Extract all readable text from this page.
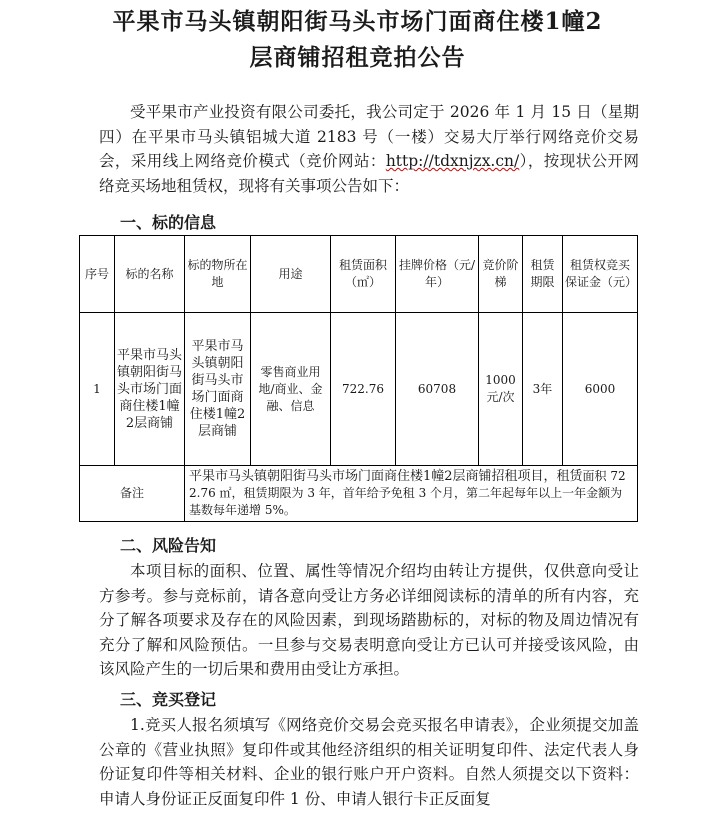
平果市马头镇朝阳街马头市场门面商住楼1幢2
层商铺招租竞拍公告
受平果市产业投资有限公司委托，我公司定于 2026 年 1 月 15 日（星期四）在平果市马头镇铝城大道 2183 号（一楼）交易大厅举行网络竞价交易会，采用线上网络竞价模式（竞价网站：http://tdxnjzx.cn/），按现状公开网络竞买场地租赁权，现将有关事项公告如下：
一、标的信息
序号	标的名称	标的物所在地	用途	租赁面积（㎡）	挂牌价格（元/年）	竞价阶梯	租赁期限	租赁权竞买保证金（元）
1	平果市马头镇朝阳街马头市场门面商住楼1幢2层商铺	平果市马头镇朝阳街马头市场门面商住楼1幢2层商铺	零售商业用地/商业、金融、信息	722.76	60708	1000元/次	3年	6000
备注		平果市马头镇朝阳街马头市场门面商住楼1幢2层商铺招租项目，租赁面积 722.76 ㎡，租赁期限为 3 年，首年给予免租 3 个月，第二年起每年以上一年金额为基数每年递增 5%。						
二、风险告知
本项目标的面积、位置、属性等情况介绍均由转让方提供，仅供意向受让方参考。参与竞标前，请各意向受让方务必详细阅读标的清单的所有内容，充分了解各项要求及存在的风险因素，到现场踏勘标的，对标的物及周边情况有充分了解和风险预估。一旦参与交易表明意向受让方已认可并接受该风险，由该风险产生的一切后果和费用由受让方承担。
三、竞买登记
1.竞买人报名须填写《网络竞价交易会竞买报名申请表》，企业须提交加盖公章的《营业执照》复印件或其他经济组织的相关证明复印件、法定代表人身份证复印件等相关材料、企业的银行账户开户资料。自然人须提交以下资料：申请人身份证正反面复印件 1 份、申请人银行卡正反面复
